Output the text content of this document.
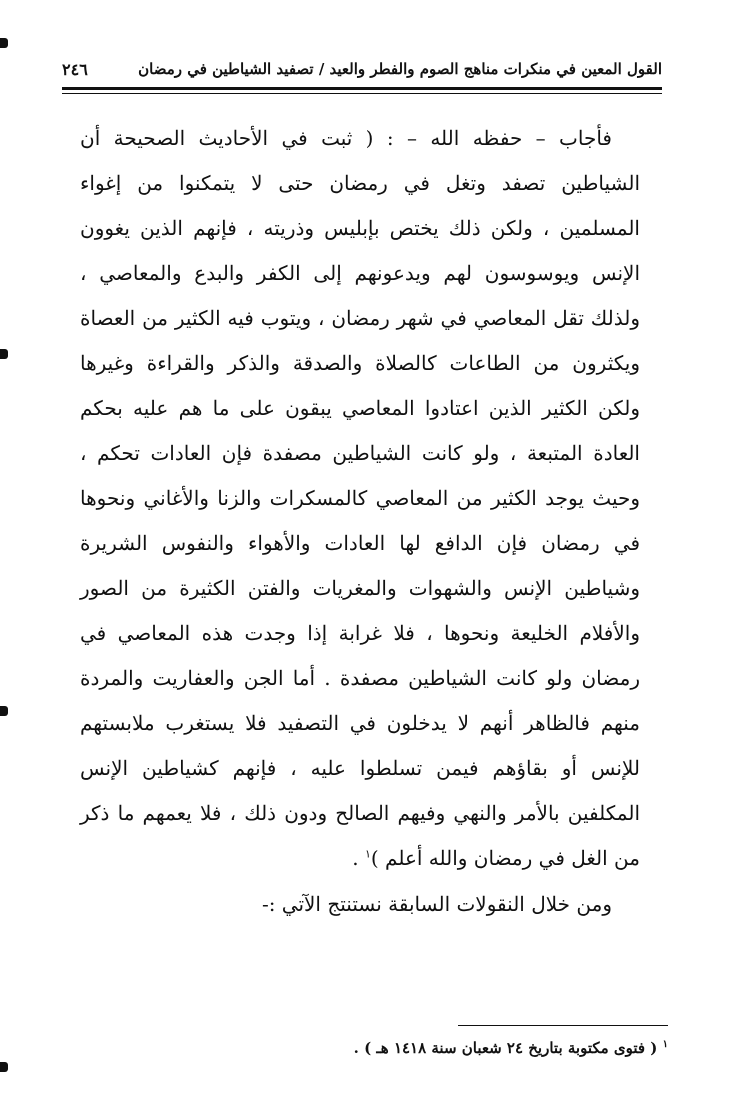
القول المعين في منكرات مناهج الصوم والفطر والعيد / تصفيد الشياطين في رمضان
٢٤٦

فأجاب – حفظه الله – : ( ثبت في الأحاديث الصحيحة أن الشياطين تصفد وتغل في رمضان حتى لا يتمكنوا من إغواء المسلمين ، ولكن ذلك يختص بإبليس وذريته ، فإنهم الذين يغوون الإنس ويوسوسون لهم ويدعونهم إلى الكفر والبدع والمعاصي ، ولذلك تقل المعاصي في شهر رمضان ، ويتوب فيه الكثير من العصاة ويكثرون من الطاعات كالصلاة والصدقة والذكر والقراءة وغيرها ولكن الكثير الذين اعتادوا المعاصي يبقون على ما هم عليه بحكم العادة المتبعة ، ولو كانت الشياطين مصفدة فإن العادات تحكم ، وحيث يوجد الكثير من المعاصي كالمسكرات والزنا والأغاني ونحوها في رمضان فإن الدافع لها العادات والأهواء والنفوس الشريرة وشياطين الإنس والشهوات والمغريات والفتن الكثيرة من الصور والأفلام الخليعة ونحوها ، فلا غرابة إذا وجدت هذه المعاصي في رمضان ولو كانت الشياطين مصفدة . أما الجن والعفاريت والمردة منهم فالظاهر أنهم لا يدخلون في التصفيد فلا يستغرب ملابستهم للإنس أو بقاؤهم فيمن تسلطوا عليه ، فإنهم كشياطين الإنس المكلفين بالأمر والنهي وفيهم الصالح ودون ذلك ، فلا يعمهم ما ذكر من الغل في رمضان والله أعلم )$^١$ .

ومن خلال النقولات السابقة نستنتج الآتي :-
$^١$ ( فتوى مكتوبة بتاريخ ٢٤ شعبان سنة ١٤١٨ هـ ) .
